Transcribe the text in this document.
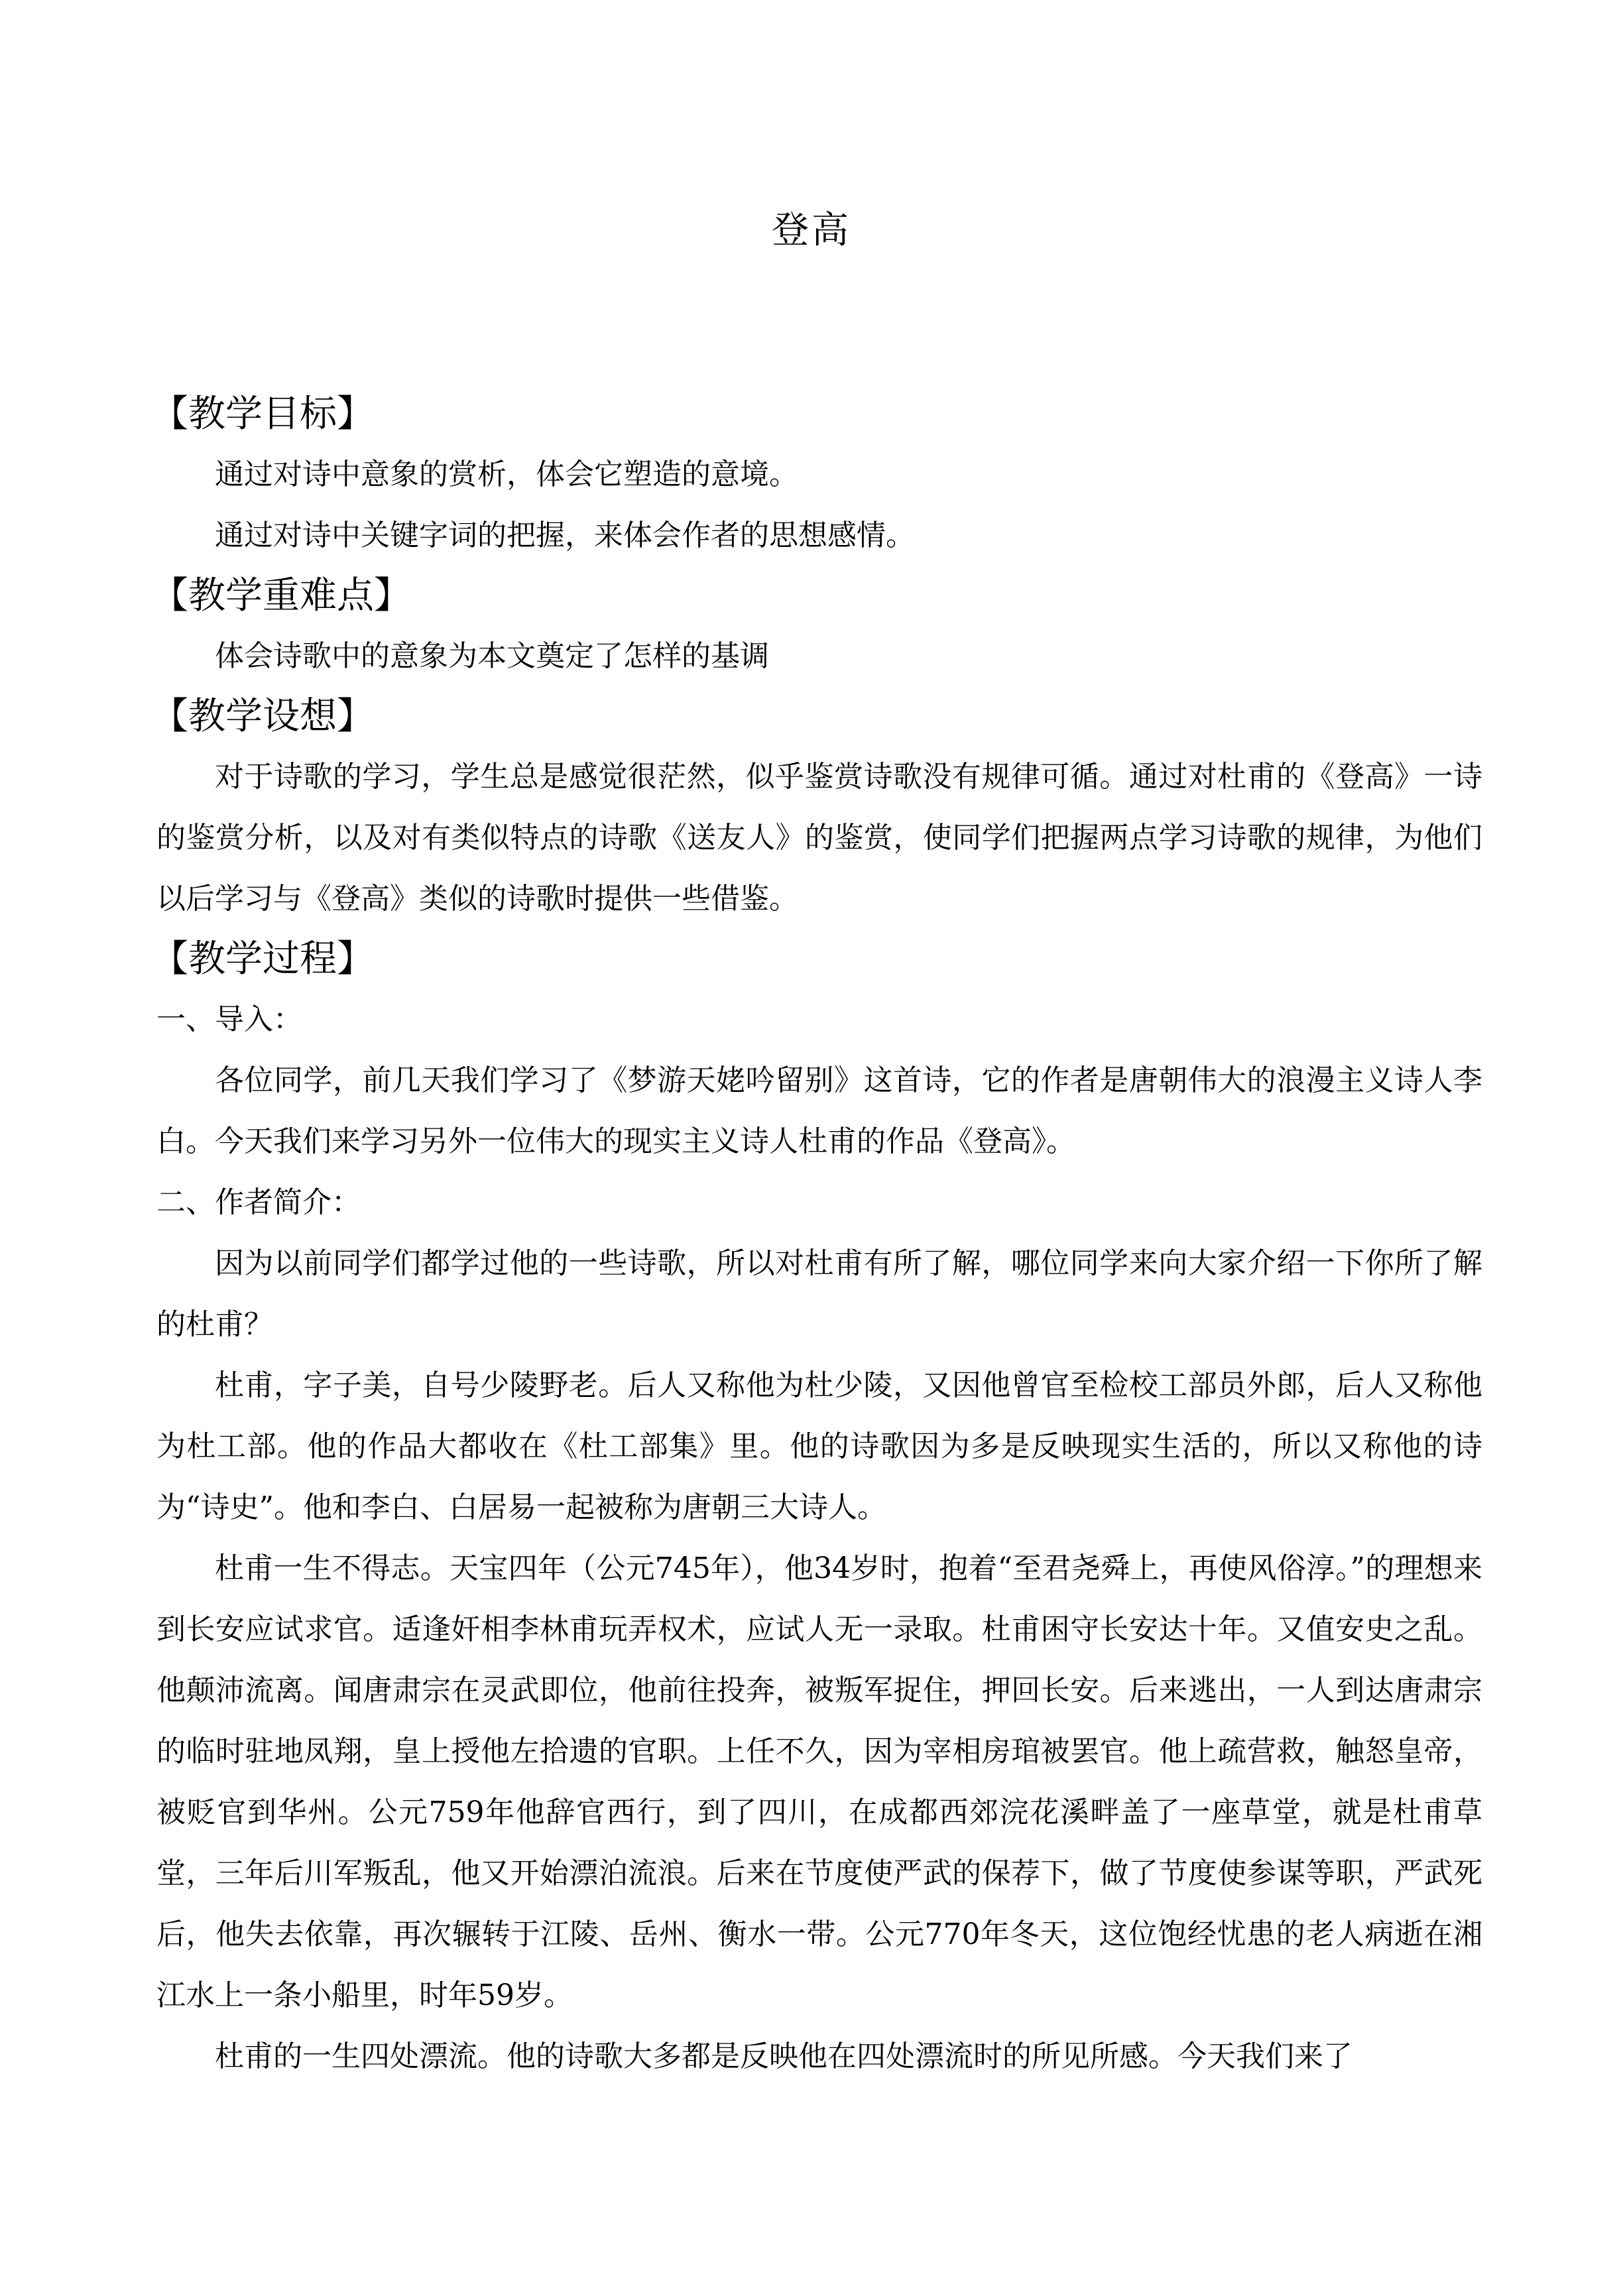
登高
【教学目标】

通过对诗中意象的赏析，体会它塑造的意境。

通过对诗中关键字词的把握，来体会作者的思想感情。

【教学重难点】

体会诗歌中的意象为本文奠定了怎样的基调

【教学设想】

对于诗歌的学习，学生总是感觉很茫然，似乎鉴赏诗歌没有规律可循。通过对杜甫的《登高》一诗的鉴赏分析，以及对有类似特点的诗歌《送友人》的鉴赏，使同学们把握两点学习诗歌的规律，为他们以后学习与《登高》类似的诗歌时提供一些借鉴。

【教学过程】

一、导入：

各位同学，前几天我们学习了《梦游天姥吟留别》这首诗，它的作者是唐朝伟大的浪漫主义诗人李白。今天我们来学习另外一位伟大的现实主义诗人杜甫的作品《登高》。

二、作者简介：

因为以前同学们都学过他的一些诗歌，所以对杜甫有所了解，哪位同学来向大家介绍一下你所了解的杜甫？

杜甫，字子美，自号少陵野老。后人又称他为杜少陵，又因他曾官至检校工部员外郎，后人又称他为杜工部。他的作品大都收在《杜工部集》里。他的诗歌因为多是反映现实生活的，所以又称他的诗为“诗史”。他和李白、白居易一起被称为唐朝三大诗人。

杜甫一生不得志。天宝四年（公元745年），他34岁时，抱着“至君尧舜上，再使风俗淳。”的理想来到长安应试求官。适逢奸相李林甫玩弄权术，应试人无一录取。杜甫困守长安达十年。又值安史之乱。他颠沛流离。闻唐肃宗在灵武即位，他前往投奔，被叛军捉住，押回长安。后来逃出，一人到达唐肃宗的临时驻地凤翔，皇上授他左拾遗的官职。上任不久，因为宰相房琯被罢官。他上疏营救，触怒皇帝，被贬官到华州。公元759年他辞官西行，到了四川，在成都西郊浣花溪畔盖了一座草堂，就是杜甫草堂，三年后川军叛乱，他又开始漂泊流浪。后来在节度使严武的保荐下，做了节度使参谋等职，严武死后，他失去依靠，再次辗转于江陵、岳州、衡水一带。公元770年冬天，这位饱经忧患的老人病逝在湘江水上一条小船里，时年59岁。

杜甫的一生四处漂流。他的诗歌大多都是反映他在四处漂流时的所见所感。今天我们来了
